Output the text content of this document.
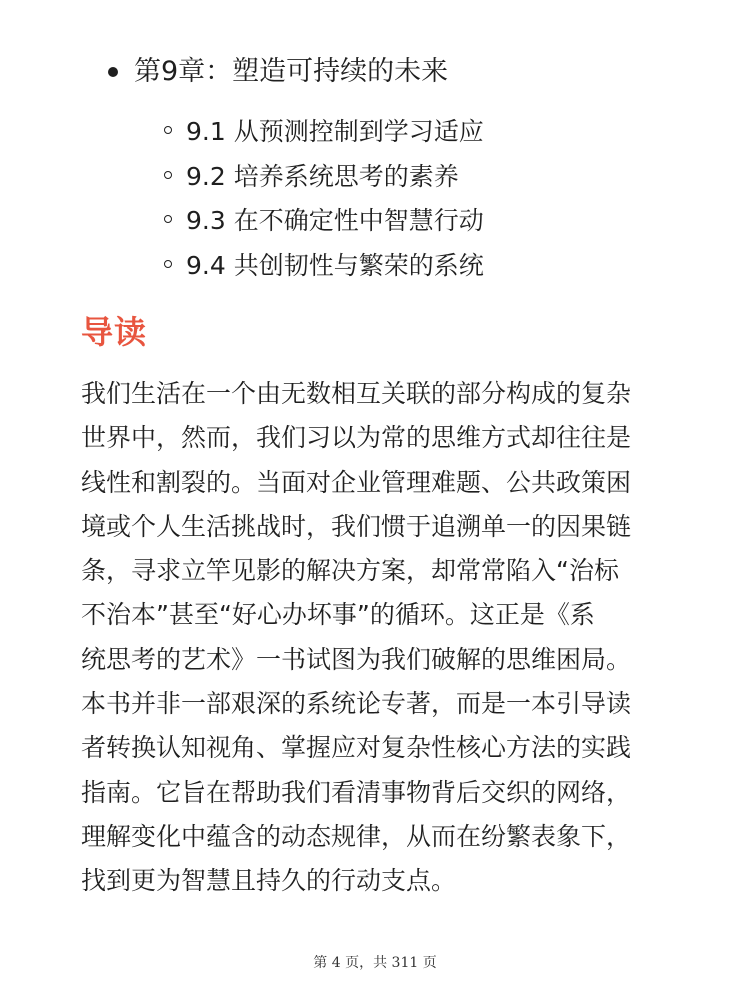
第9章：塑造可持续的未来
9.1 从预测控制到学习适应
9.2 培养系统思考的素养
9.3 在不确定性中智慧行动
9.4 共创韧性与繁荣的系统
导读
我们生活在一个由无数相互关联的部分构成的复杂
世界中，然而，我们习以为常的思维方式却往往是
线性和割裂的。当面对企业管理难题、公共政策困
境或个人生活挑战时，我们惯于追溯单一的因果链
条，寻求立竿见影的解决方案，却常常陷入“治标
不治本”甚至“好心办坏事”的循环。这正是《系
统思考的艺术》一书试图为我们破解的思维困局。
本书并非一部艰深的系统论专著，而是一本引导读
者转换认知视角、掌握应对复杂性核心方法的实践
指南。它旨在帮助我们看清事物背后交织的网络，
理解变化中蕴含的动态规律，从而在纷繁表象下，
找到更为智慧且持久的行动支点。
第 4 页，共 311 页
